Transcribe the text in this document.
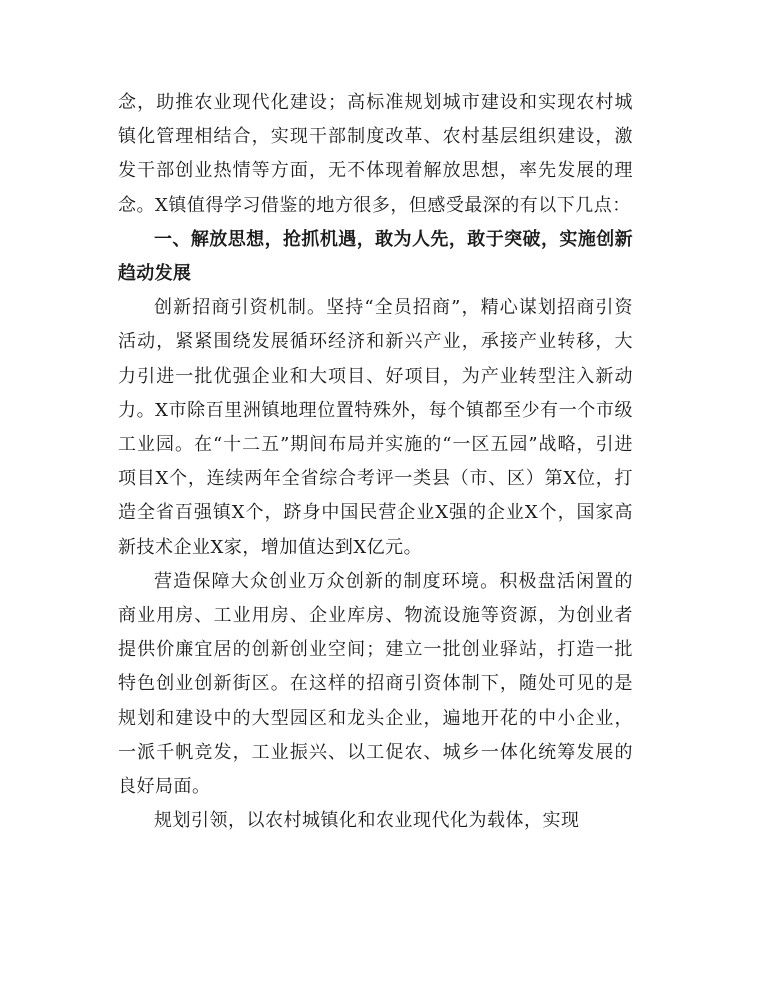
念，助推农业现代化建设；高标准规划城市建设和实现农村城镇化管理相结合，实现干部制度改革、农村基层组织建设，激发干部创业热情等方面，无不体现着解放思想，率先发展的理念。X镇值得学习借鉴的地方很多，但感受最深的有以下几点：

一、解放思想，抢抓机遇，敢为人先，敢于突破，实施创新趋动发展

创新招商引资机制。坚持“全员招商”，精心谋划招商引资活动，紧紧围绕发展循环经济和新兴产业，承接产业转移，大力引进一批优强企业和大项目、好项目，为产业转型注入新动力。X市除百里洲镇地理位置特殊外，每个镇都至少有一个市级工业园。在“十二五”期间布局并实施的“一区五园”战略，引进项目X个，连续两年全省综合考评一类县（市、区）第X位，打造全省百强镇X个，跻身中国民营企业X强的企业X个，国家高新技术企业X家，增加值达到X亿元。

营造保障大众创业万众创新的制度环境。积极盘活闲置的商业用房、工业用房、企业库房、物流设施等资源，为创业者提供价廉宜居的创新创业空间；建立一批创业驿站，打造一批特色创业创新街区。在这样的招商引资体制下，随处可见的是规划和建设中的大型园区和龙头企业，遍地开花的中小企业，一派千帆竞发，工业振兴、以工促农、城乡一体化统筹发展的良好局面。

规划引领，以农村城镇化和农业现代化为载体，实现
